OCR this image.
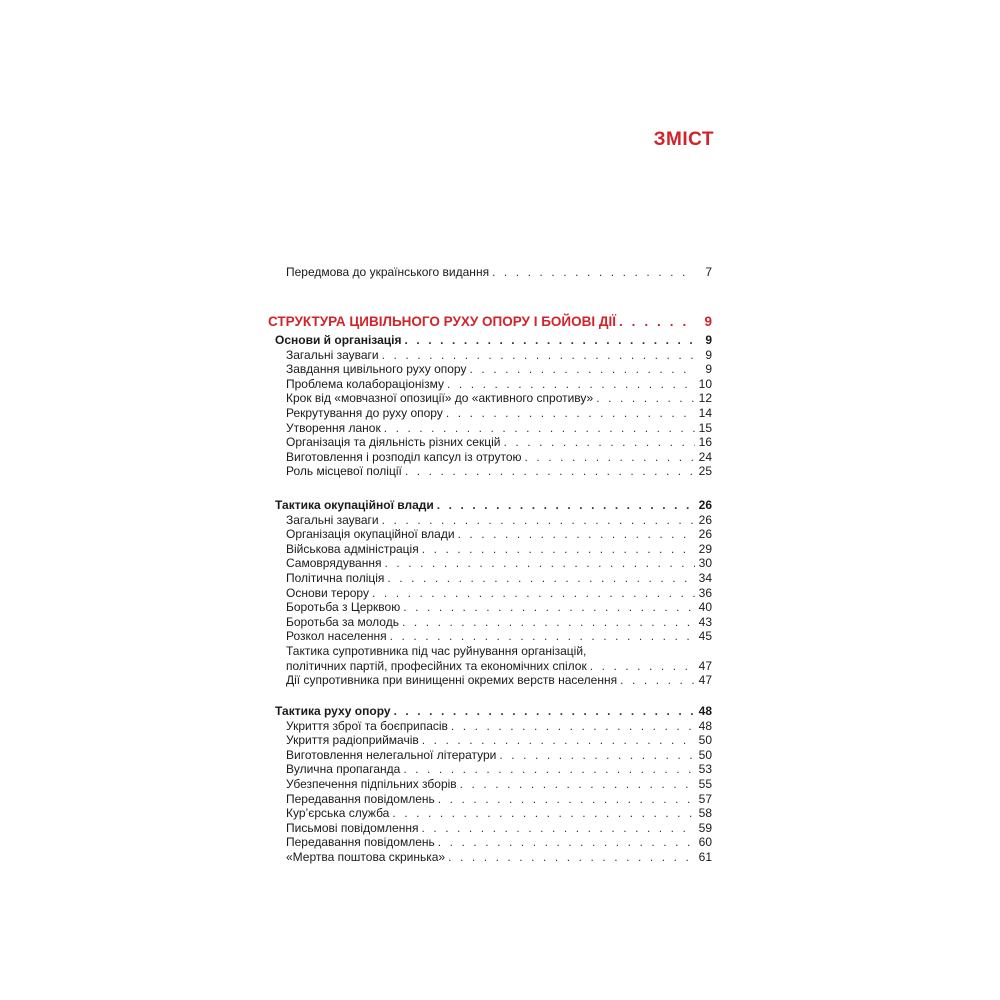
ЗМІСТ
Передмова до українського видання . . .	7
СТРУКТУРА ЦИВІЛЬНОГО РУХУ ОПОРУ І БОЙОВІ ДІЇ . . .	9
Основи й організація . . .	9
Загальні зауваги . . .	9
Завдання цивільного руху опору . . .	9
Проблема колабораціонізму . . .	10
Крок від «мовчазної опозиції» до «активного спротиву» . . .	12
Рекрутування до руху опору . . .	14
Утворення ланок . . .	15
Організація та діяльність різних секцій . . .	16
Виготовлення і розподіл капсул із отрутою . . .	24
Роль місцевої поліції . . .	25
Тактика окупаційної влади . . .	26
Загальні зауваги . . .	26
Організація окупаційної влади . . .	26
Військова адміністрація . . .	29
Самоврядування . . .	30
Політична поліція . . .	34
Основи терору . . .	36
Боротьба з Церквою . . .	40
Боротьба за молодь . . .	43
Розкол населення . . .	45
Тактика супротивника під час руйнування організацій,
політичних партій, професійних та економічних спілок . . .	47
Дії супротивника при винищенні окремих верств населення . . .	47
Тактика руху опору . . .	48
Укриття зброї та боєприпасів . . .	48
Укриття радіоприймачів . . .	50
Виготовлення нелегальної літератури . . .	50
Вулична пропаганда . . .	53
Убезпечення підпільних зборів . . .	55
Передавання повідомлень . . .	57
Кур’єрська служба . . .	58
Письмові повідомлення . . .	59
Передавання повідомлень . . .	60
«Мертва поштова скринька» . . .	61
